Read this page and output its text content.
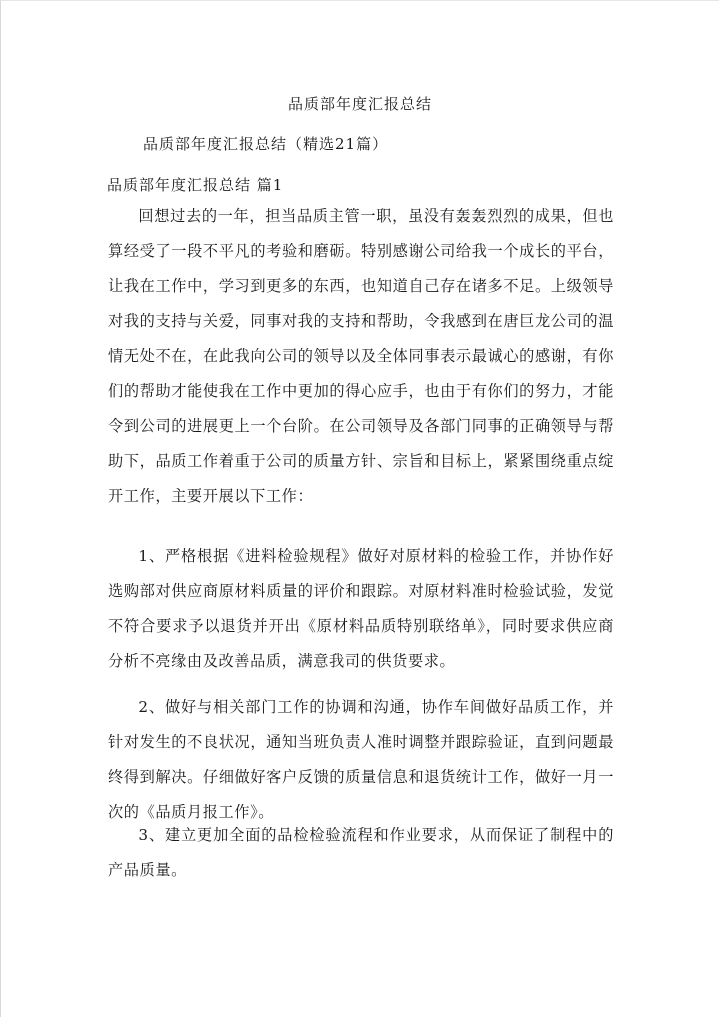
品质部年度汇报总结
品质部年度汇报总结（精选21篇）
品质部年度汇报总结 篇1

回想过去的一年，担当品质主管一职，虽没有轰轰烈烈的成果，但也算经受了一段不平凡的考验和磨砺。特别感谢公司给我一个成长的平台，让我在工作中，学习到更多的东西，也知道自己存在诸多不足。上级领导对我的支持与关爱，同事对我的支持和帮助，令我感到在唐巨龙公司的温情无处不在，在此我向公司的领导以及全体同事表示最诚心的感谢，有你们的帮助才能使我在工作中更加的得心应手，也由于有你们的努力，才能令到公司的进展更上一个台阶。在公司领导及各部门同事的正确领导与帮助下，品质工作着重于公司的质量方针、宗旨和目标上，紧紧围绕重点绽开工作，主要开展以下工作：

1、严格根据《进料检验规程》做好对原材料的检验工作，并协作好选购部对供应商原材料质量的评价和跟踪。对原材料准时检验试验，发觉不符合要求予以退货并开出《原材料品质特别联络单》，同时要求供应商分析不亮缘由及改善品质，满意我司的供货要求。

2、做好与相关部门工作的协调和沟通，协作车间做好品质工作，并针对发生的不良状况，通知当班负责人准时调整并跟踪验证，直到问题最终得到解决。仔细做好客户反馈的质量信息和退货统计工作，做好一月一次的《品质月报工作》。

3、建立更加全面的品检检验流程和作业要求，从而保证了制程中的产品质量。
